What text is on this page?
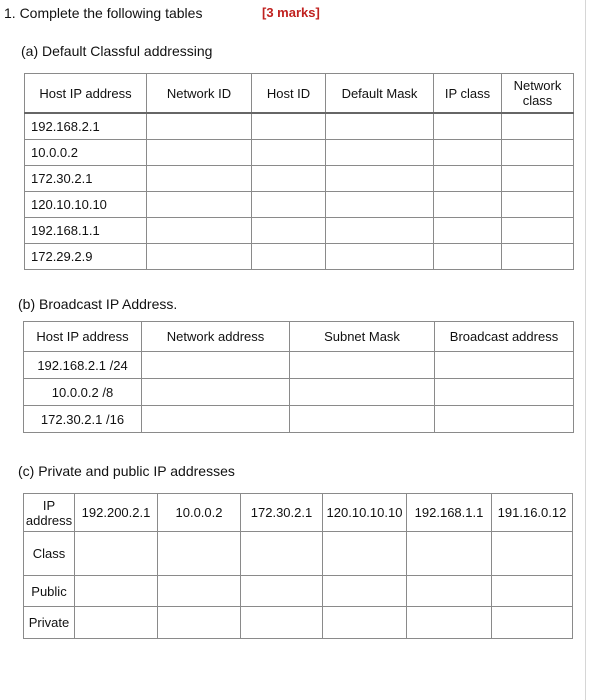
1. Complete the following tables	[3 marks]
(a) Default Classful addressing
Host IP address	Network ID	Host ID	Default Mask	IP class	Network class
192.168.2.1					
10.0.0.2					
172.30.2.1					
120.10.10.10					
192.168.1.1					
172.29.2.9					
(b) Broadcast IP Address.
Host IP address	Network address	Subnet Mask	Broadcast address
192.168.2.1 /24			
10.0.0.2 /8			
172.30.2.1 /16			
(c) Private and public IP addresses
IP address	192.200.2.1	10.0.0.2	172.30.2.1	120.10.10.10	192.168.1.1	191.16.0.12
Class						
Public						
Private						
